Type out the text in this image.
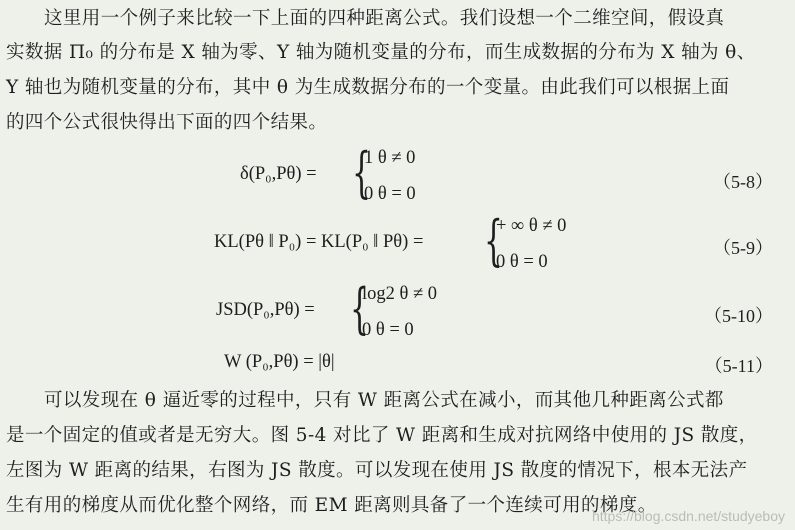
这里用一个例子来比较一下上面的四种距离公式。我们设想一个二维空间，假设真
实数据 Π₀ 的分布是 X 轴为零、Y 轴为随机变量的分布，而生成数据的分布为 X 轴为 θ、
Y 轴也为随机变量的分布，其中 θ 为生成数据分布的一个变量。由此我们可以根据上面
的四个公式很快得出下面的四个结果。
δ(P₀,Pθ) = {
1 θ ≠ 0
0 θ = 0
（5-8）
KL(Pθ ‖ P₀) = KL(P₀ ‖ Pθ) = {
+ ∞ θ ≠ 0
0 θ = 0
（5-9）
JSD(P₀,Pθ) = {
log2 θ ≠ 0
0 θ = 0
（5-10）
W (P₀,Pθ) = |θ|	（5-11）
可以发现在 θ 逼近零的过程中，只有 W 距离公式在减小，而其他几种距离公式都
是一个固定的值或者是无穷大。图 5-4 对比了 W 距离和生成对抗网络中使用的 JS 散度，
左图为 W 距离的结果，右图为 JS 散度。可以发现在使用 JS 散度的情况下，根本无法产
生有用的梯度从而优化整个网络，而 EM 距离则具备了一个连续可用的梯度。
https://blog.csdn.net/studyeboy
